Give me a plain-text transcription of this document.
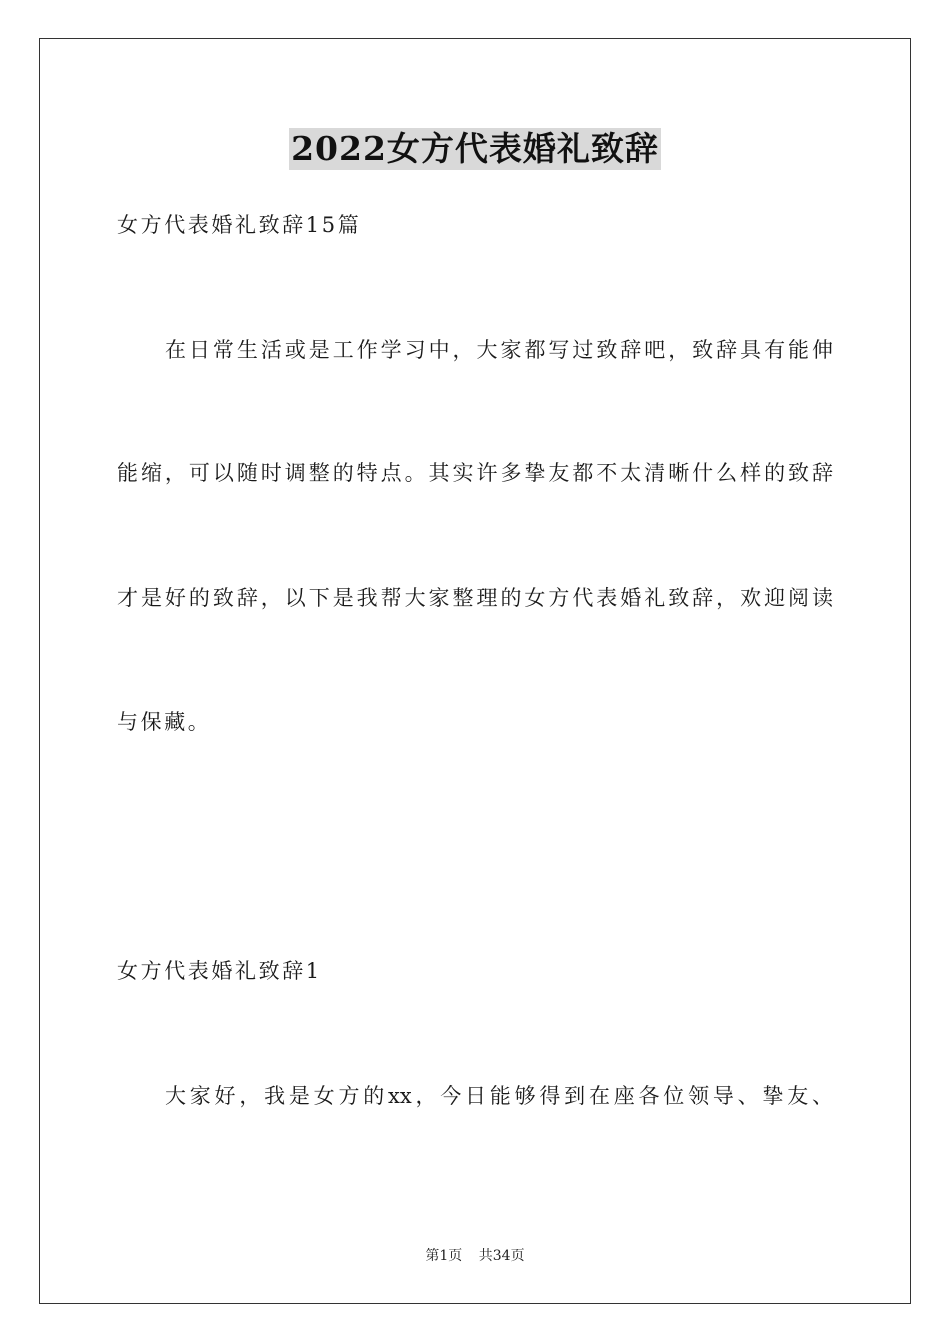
2022女方代表婚礼致辞
女方代表婚礼致辞15篇
在日常生活或是工作学习中，大家都写过致辞吧，致辞具有能伸
能缩，可以随时调整的特点。其实许多挚友都不太清晰什么样的致辞
才是好的致辞，以下是我帮大家整理的女方代表婚礼致辞，欢迎阅读
与保藏。
女方代表婚礼致辞1
大家好，我是女方的xx，今日能够得到在座各位领导、挚友、
第1页 共34页
